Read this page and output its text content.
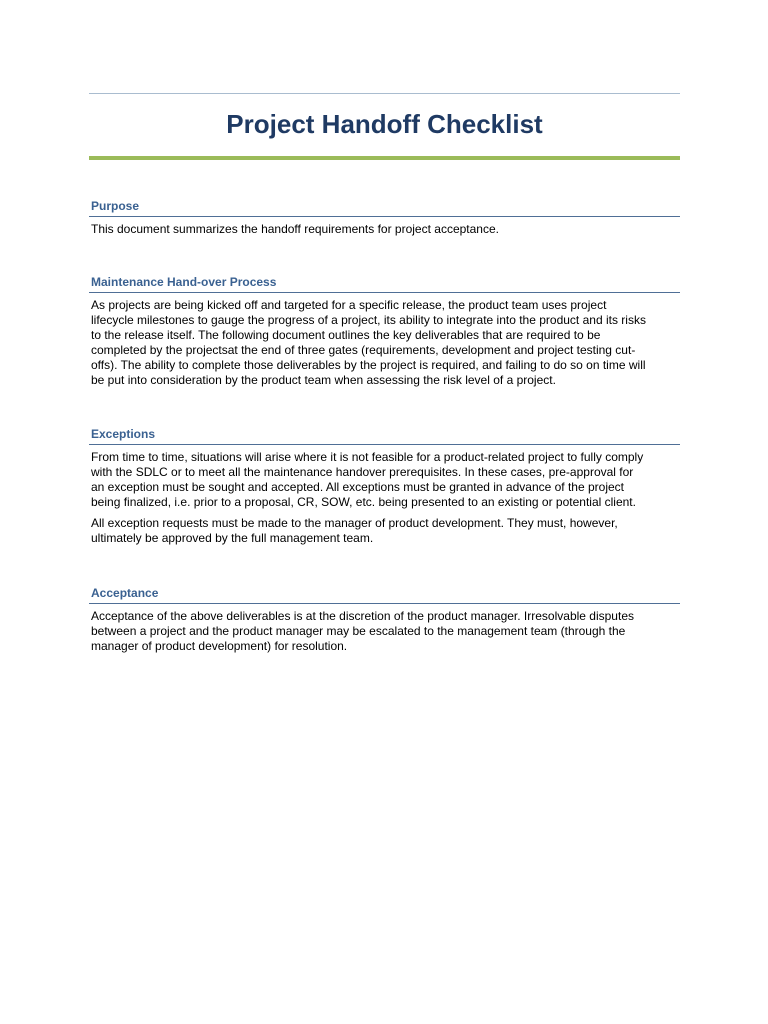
Project Handoff Checklist
Purpose

This document summarizes the handoff requirements for project acceptance.

Maintenance Hand-over Process

As projects are being kicked off and targeted for a specific release, the product team uses project
lifecycle milestones to gauge the progress of a project, its ability to integrate into the product and its risks
to the release itself. The following document outlines the key deliverables that are required to be
completed by the projectsat the end of three gates (requirements, development and project testing cut-
offs). The ability to complete those deliverables by the project is required, and failing to do so on time will
be put into consideration by the product team when assessing the risk level of a project.

Exceptions

From time to time, situations will arise where it is not feasible for a product-related project to fully comply
with the SDLC or to meet all the maintenance handover prerequisites. In these cases, pre-approval for
an exception must be sought and accepted. All exceptions must be granted in advance of the project
being finalized, i.e. prior to a proposal, CR, SOW, etc. being presented to an existing or potential client.

All exception requests must be made to the manager of product development. They must, however,
ultimately be approved by the full management team.

Acceptance

Acceptance of the above deliverables is at the discretion of the product manager. Irresolvable disputes
between a project and the product manager may be escalated to the management team (through the
manager of product development) for resolution.
